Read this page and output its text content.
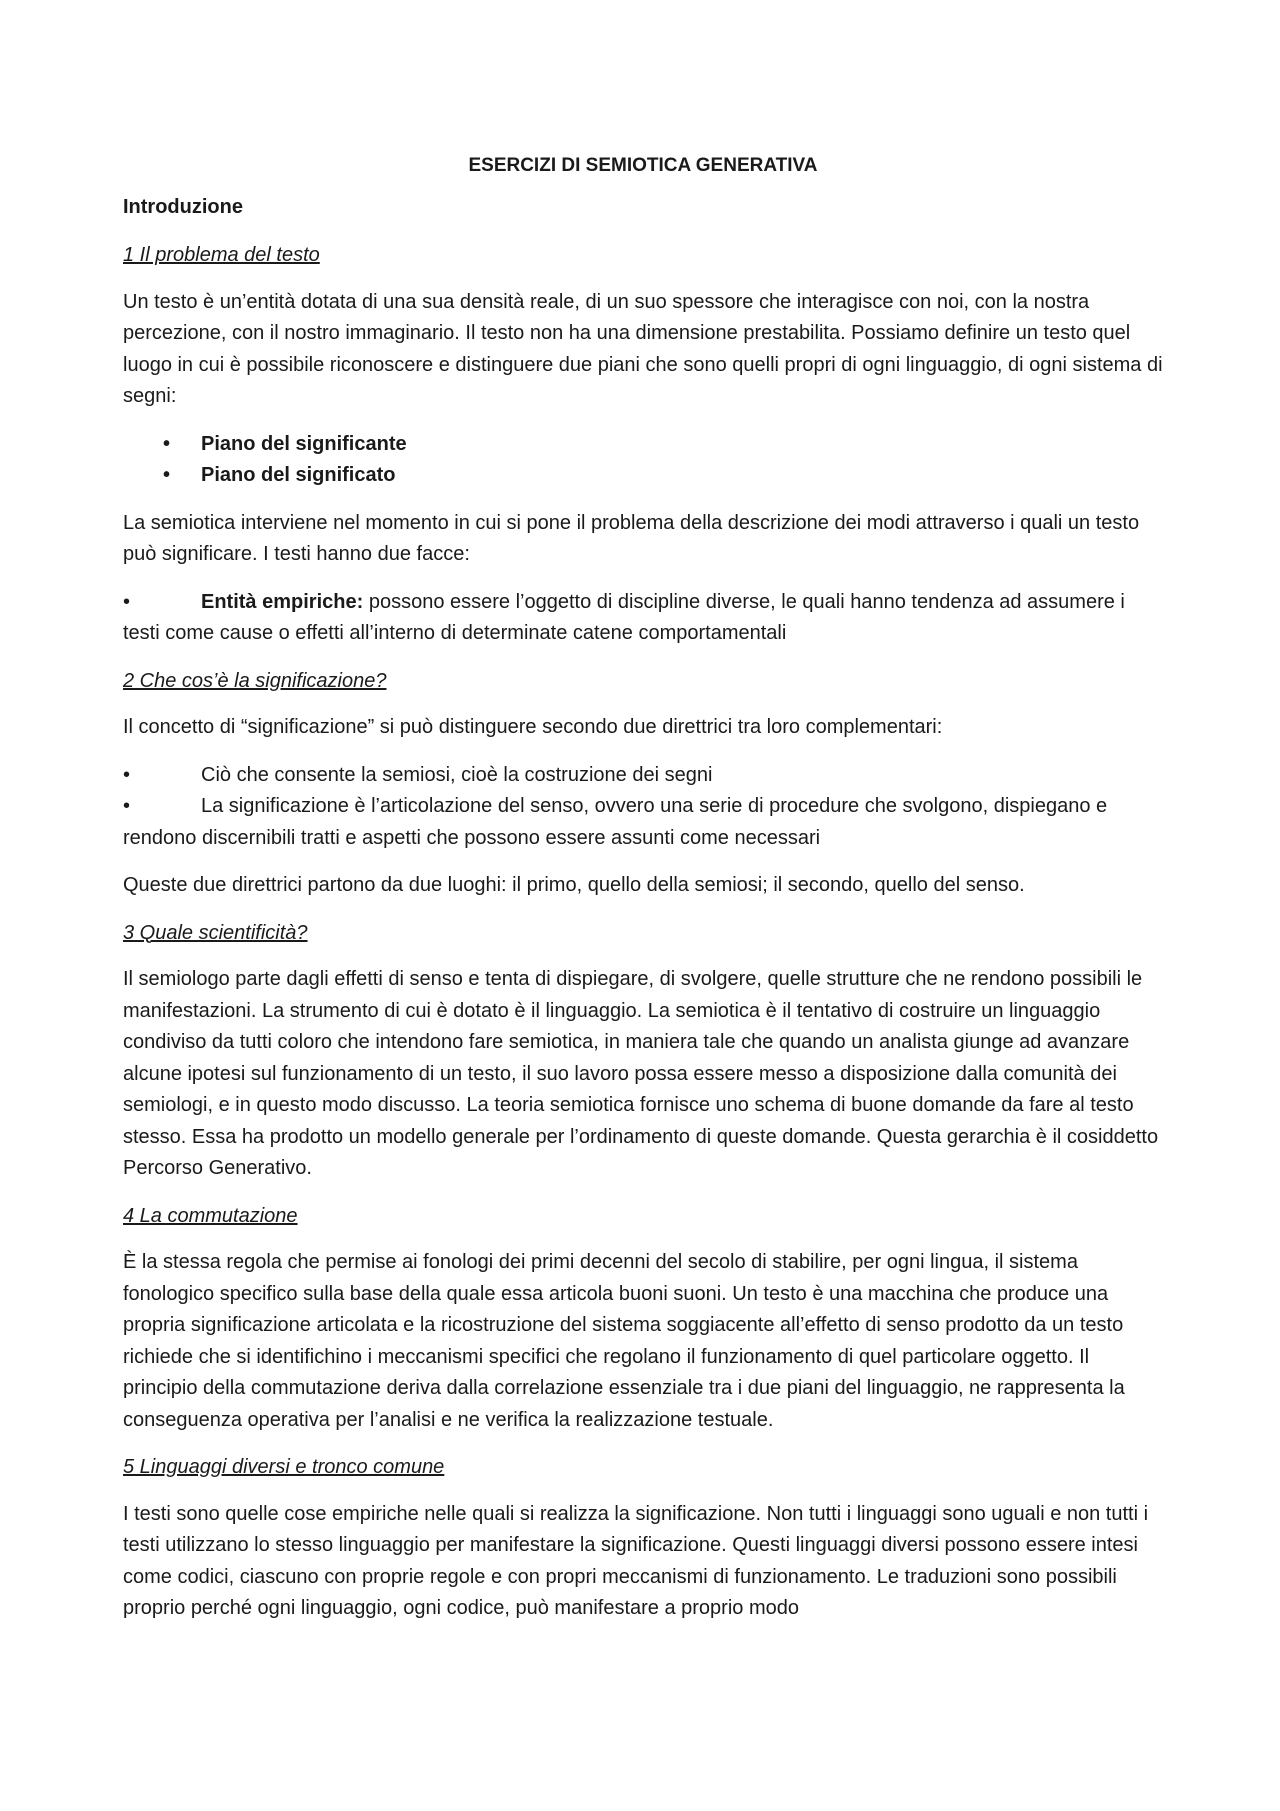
ESERCIZI DI SEMIOTICA GENERATIVA

Introduzione

1 Il problema del testo

Un testo è un’entità dotata di una sua densità reale, di un suo spessore che interagisce con noi, con la nostra percezione, con il nostro immaginario. Il testo non ha una dimensione prestabilita. Possiamo definire un testo quel luogo in cui è possibile riconoscere e distinguere due piani che sono quelli propri di ogni linguaggio, di ogni sistema di segni:

• Piano del significante
• Piano del significato

La semiotica interviene nel momento in cui si pone il problema della descrizione dei modi attraverso i quali un testo può significare. I testi hanno due facce:

•	Entità empiriche: possono essere l’oggetto di discipline diverse, le quali hanno tendenza ad assumere i testi come cause o effetti all’interno di determinate catene comportamentali

2 Che cos’è la significazione?

Il concetto di “significazione” si può distinguere secondo due direttrici tra loro complementari:

•	Ciò che consente la semiosi, cioè la costruzione dei segni
•	La significazione è l’articolazione del senso, ovvero una serie di procedure che svolgono, dispiegano e rendono discernibili tratti e aspetti che possono essere assunti come necessari

Queste due direttrici partono da due luoghi: il primo, quello della semiosi; il secondo, quello del senso.

3 Quale scientificità?

Il semiologo parte dagli effetti di senso e tenta di dispiegare, di svolgere, quelle strutture che ne rendono possibili le manifestazioni. La strumento di cui è dotato è il linguaggio. La semiotica è il tentativo di costruire un linguaggio condiviso da tutti coloro che intendono fare semiotica, in maniera tale che quando un analista giunge ad avanzare alcune ipotesi sul funzionamento di un testo, il suo lavoro possa essere messo a disposizione dalla comunità dei semiologi, e in questo modo discusso. La teoria semiotica fornisce uno schema di buone domande da fare al testo stesso. Essa ha prodotto un modello generale per l’ordinamento di queste domande. Questa gerarchia è il cosiddetto Percorso Generativo.

4 La commutazione

È la stessa regola che permise ai fonologi dei primi decenni del secolo di stabilire, per ogni lingua, il sistema fonologico specifico sulla base della quale essa articola buoni suoni. Un testo è una macchina che produce una propria significazione articolata e la ricostruzione del sistema soggiacente all’effetto di senso prodotto da un testo richiede che si identifichino i meccanismi specifici che regolano il funzionamento di quel particolare oggetto. Il principio della commutazione deriva dalla correlazione essenziale tra i due piani del linguaggio, ne rappresenta la conseguenza operativa per l’analisi e ne verifica la realizzazione testuale.

5 Linguaggi diversi e tronco comune

I testi sono quelle cose empiriche nelle quali si realizza la significazione. Non tutti i linguaggi sono uguali e non tutti i testi utilizzano lo stesso linguaggio per manifestare la significazione. Questi linguaggi diversi possono essere intesi come codici, ciascuno con proprie regole e con propri meccanismi di funzionamento. Le traduzioni sono possibili proprio perché ogni linguaggio, ogni codice, può manifestare a proprio modo
